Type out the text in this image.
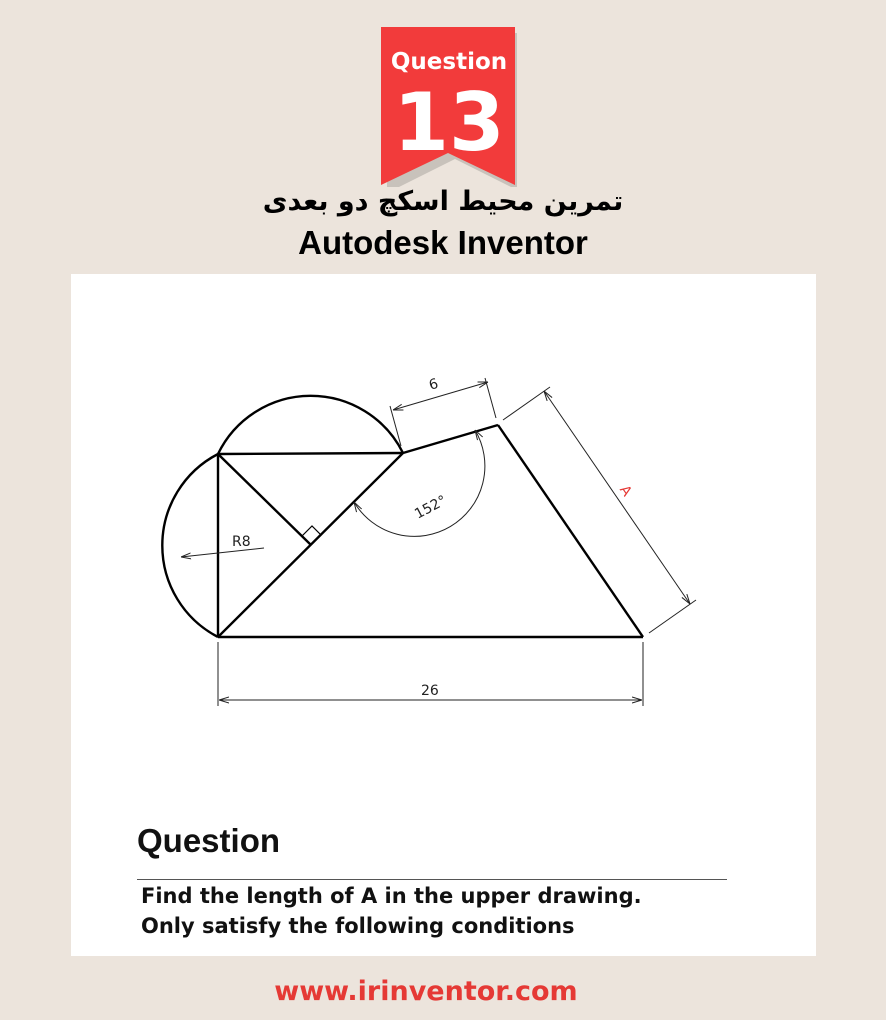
Question
13
تمرین محیط اسکچ دو بعدی
Autodesk Inventor
6
152°
R8
26
A
Question
Find the length of A in the upper drawing.
Only satisfy the following conditions
www.irinventor.com
